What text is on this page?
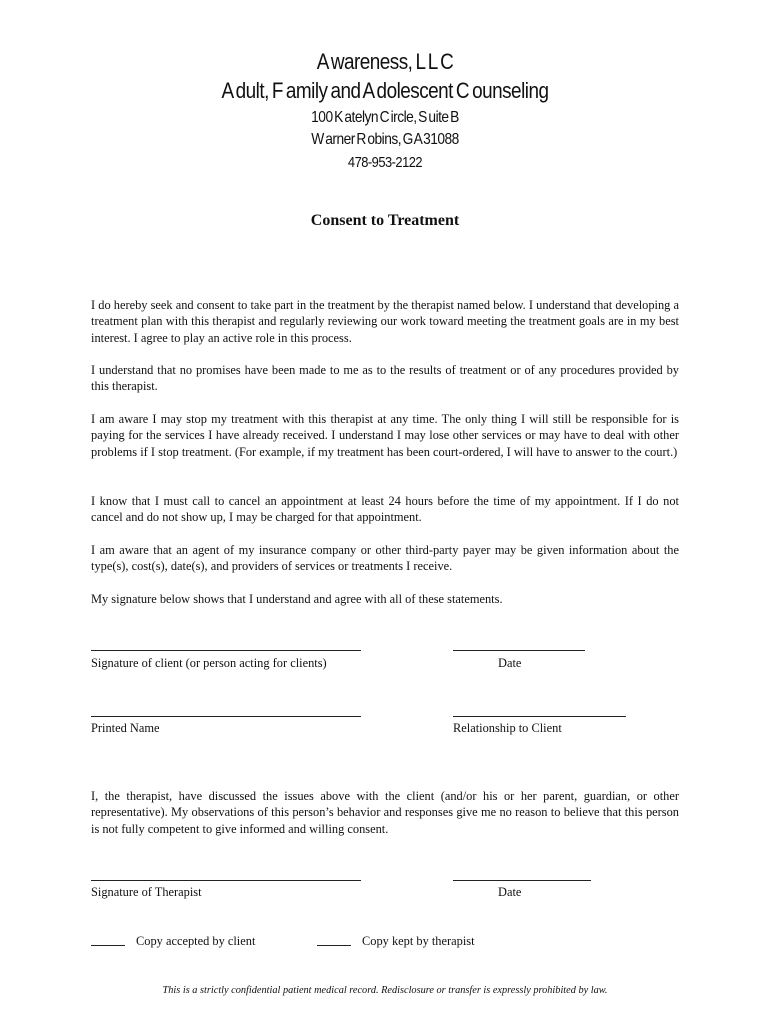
A wareness, L L C
A dult, F amily and A dolescent C ounseling
100 K atelyn C ircle, S uite B
W arner R obins, G A 31088
478-953-2122
Consent to Treatment
I do hereby seek and consent to take part in the treatment by the therapist named below. I understand that developing a treatment plan with this therapist and regularly reviewing our work toward meeting the treatment goals are in my best interest. I agree to play an active role in this process.
I understand that no promises have been made to me as to the results of treatment or of any procedures provided by this therapist.
I am aware I may stop my treatment with this therapist at any time. The only thing I will still be responsible for is paying for the services I have already received. I understand I may lose other services or may have to deal with other problems if I stop treatment. (For example, if my treatment has been court-ordered, I will have to answer to the court.)
I know that I must call to cancel an appointment at least 24 hours before the time of my appointment. If I do not cancel and do not show up, I may be charged for that appointment.
I am aware that an agent of my insurance company or other third-party payer may be given information about the type(s), cost(s), date(s), and providers of services or treatments I receive.
My signature below shows that I understand and agree with all of these statements.
Signature of client (or person acting for clients)	Date
Printed Name	Relationship to Client
I, the therapist, have discussed the issues above with the client (and/or his or her parent, guardian, or other representative). My observations of this person’s behavior and responses give me no reason to believe that this person is not fully competent to give informed and willing consent.
Signature of Therapist	Date
Copy accepted by client	Copy kept by therapist
This is a strictly confidential patient medical record. Redisclosure or transfer is expressly prohibited by law.
